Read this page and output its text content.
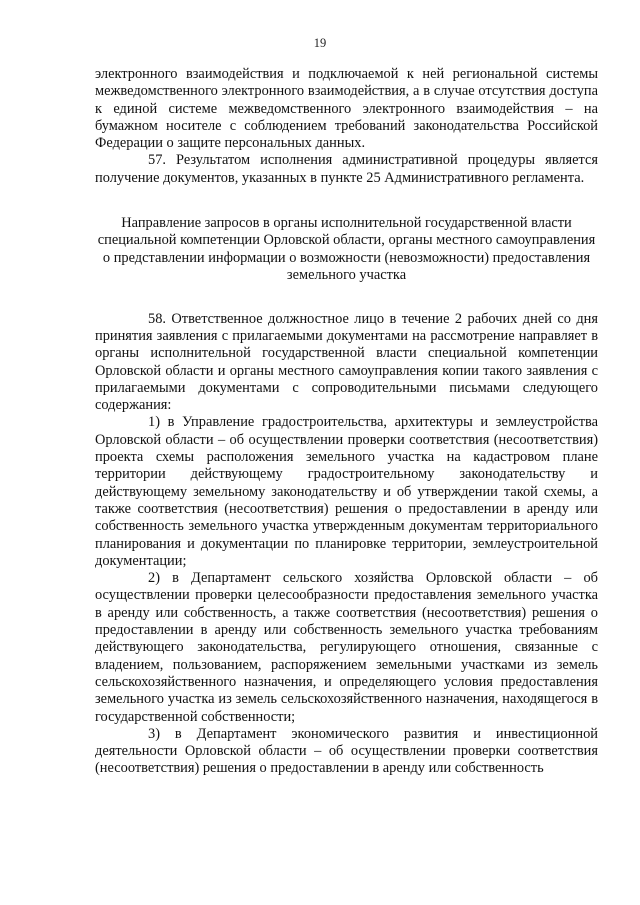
19

электронного взаимодействия и подключаемой к ней региональной системы межведомственного электронного взаимодействия, а в случае отсутствия доступа к единой системе межведомственного электронного взаимодействия – на бумажном носителе с соблюдением требований законодательства Российской Федерации о защите персональных данных.

57. Результатом исполнения административной процедуры является получение документов, указанных в пункте 25 Административного регламента.

Направление запросов в органы исполнительной государственной власти специальной компетенции Орловской области, органы местного самоуправления о представлении информации о возможности (невозможности) предоставления земельного участка

58. Ответственное должностное лицо в течение 2 рабочих дней со дня принятия заявления с прилагаемыми документами на рассмотрение направляет в органы исполнительной государственной власти специальной компетенции Орловской области и органы местного самоуправления копии такого заявления с прилагаемыми документами с сопроводительными письмами следующего содержания:

1) в Управление градостроительства, архитектуры и землеустройства Орловской области – об осуществлении проверки соответствия (несоответствия) проекта схемы расположения земельного участка на кадастровом плане территории действующему градостроительному законодательству и действующему земельному законодательству и об утверждении такой схемы, а также соответствия (несоответствия) решения о предоставлении в аренду или собственность земельного участка утвержденным документам территориального планирования и документации по планировке территории, землеустроительной документации;

2) в Департамент сельского хозяйства Орловской области – об осуществлении проверки целесообразности предоставления земельного участка в аренду или собственность, а также соответствия (несоответствия) решения о предоставлении в аренду или собственность земельного участка требованиям действующего законодательства, регулирующего отношения, связанные с владением, пользованием, распоряжением земельными участками из земель сельскохозяйственного назначения, и определяющего условия предоставления земельного участка из земель сельскохозяйственного назначения, находящегося в государственной собственности;

3) в Департамент экономического развития и инвестиционной деятельности Орловской области – об осуществлении проверки соответствия (несоответствия) решения о предоставлении в аренду или собственность
